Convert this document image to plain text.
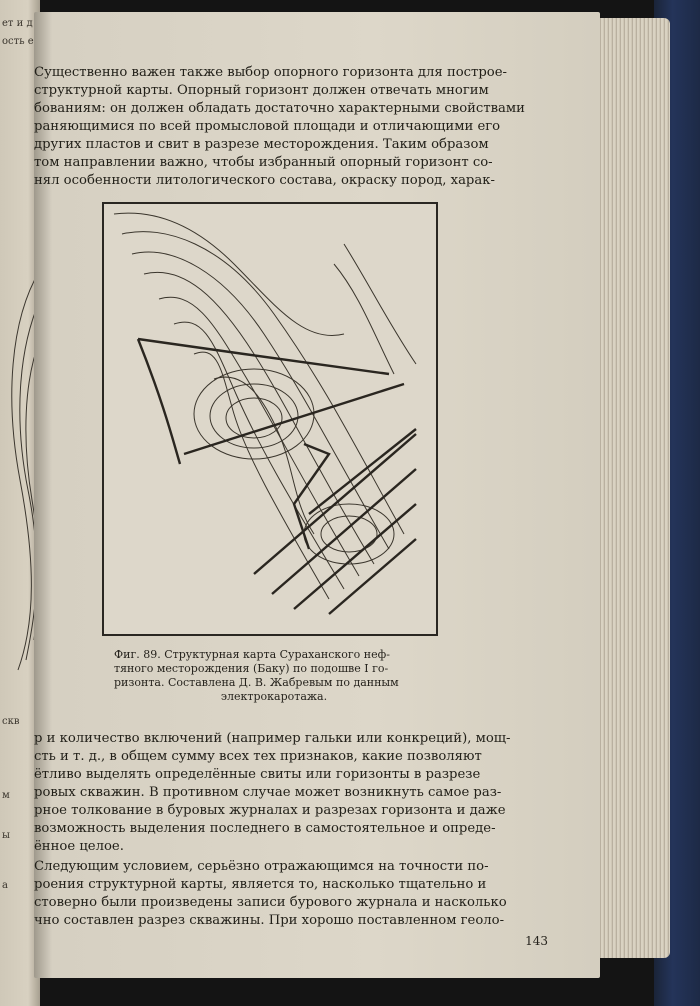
ет и д
ость е
скв
м
ы
а
Существенно важен также выбор опорного горизонта для построе-
структурной карты. Опорный горизонт должен отвечать многим
бованиям: он должен обладать достаточно характерными свойствами
раняющимися по всей промысловой площади и отличающими его
других пластов и свит в разрезе месторождения. Таким образом
том направлении важно, чтобы избранный опорный горизонт со-
нял особенности литологического состава, окраску пород, харак-
Фиг. 89. Структурная карта Сураханского неф-
тяного месторождения (Баку) по подошве I го-
ризонта. Составлена Д. В. Жабревым по данным
электрокаротажа.
р и количество включений (например гальки или конкреций), мощ-
сть и т. д., в общем сумму всех тех признаков, какие позволяют
ётливо выделять определённые свиты или горизонты в разрезе
ровых скважин. В противном случае может возникнуть самое раз-
рное толкование в буровых журналах и разрезах горизонта и даже
возможность выделения последнего в самостоятельное и опреде-
ённое целое.
Следующим условием, серьёзно отражающимся на точности по-
роения структурной карты, является то, насколько тщательно и
стоверно были произведены записи бурового журнала и насколько
чно составлен разрез скважины. При хорошо поставленном геоло-
143
